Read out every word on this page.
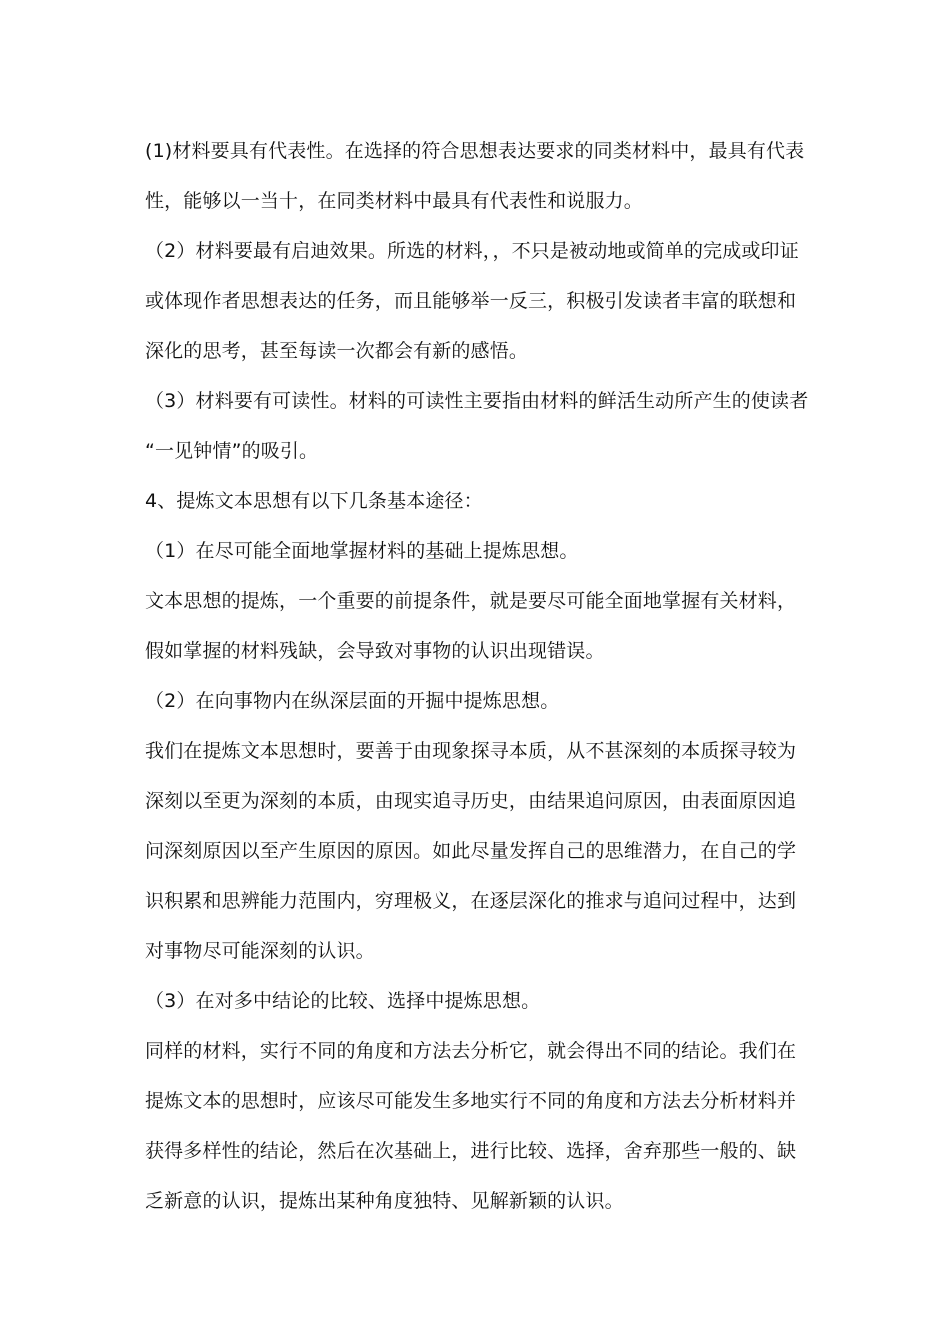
(1)材料要具有代表性。在选择的符合思想表达要求的同类材料中，最具有代表
性，能够以一当十，在同类材料中最具有代表性和说服力。
（2）材料要最有启迪效果。所选的材料，，不只是被动地或简单的完成或印证
或体现作者思想表达的任务，而且能够举一反三，积极引发读者丰富的联想和
深化的思考，甚至每读一次都会有新的感悟。
（3）材料要有可读性。材料的可读性主要指由材料的鲜活生动所产生的使读者
“一见钟情”的吸引。
4、提炼文本思想有以下几条基本途径：
（1）在尽可能全面地掌握材料的基础上提炼思想。
文本思想的提炼，一个重要的前提条件，就是要尽可能全面地掌握有关材料，
假如掌握的材料残缺，会导致对事物的认识出现错误。
（2）在向事物内在纵深层面的开掘中提炼思想。
我们在提炼文本思想时，要善于由现象探寻本质，从不甚深刻的本质探寻较为
深刻以至更为深刻的本质，由现实追寻历史，由结果追问原因，由表面原因追
问深刻原因以至产生原因的原因。如此尽量发挥自己的思维潜力，在自己的学
识积累和思辨能力范围内，穷理极义，在逐层深化的推求与追问过程中，达到
对事物尽可能深刻的认识。
（3）在对多中结论的比较、选择中提炼思想。
同样的材料，实行不同的角度和方法去分析它，就会得出不同的结论。我们在
提炼文本的思想时，应该尽可能发生多地实行不同的角度和方法去分析材料并
获得多样性的结论，然后在次基础上，进行比较、选择，舍弃那些一般的、缺
乏新意的认识，提炼出某种角度独特、见解新颖的认识。
